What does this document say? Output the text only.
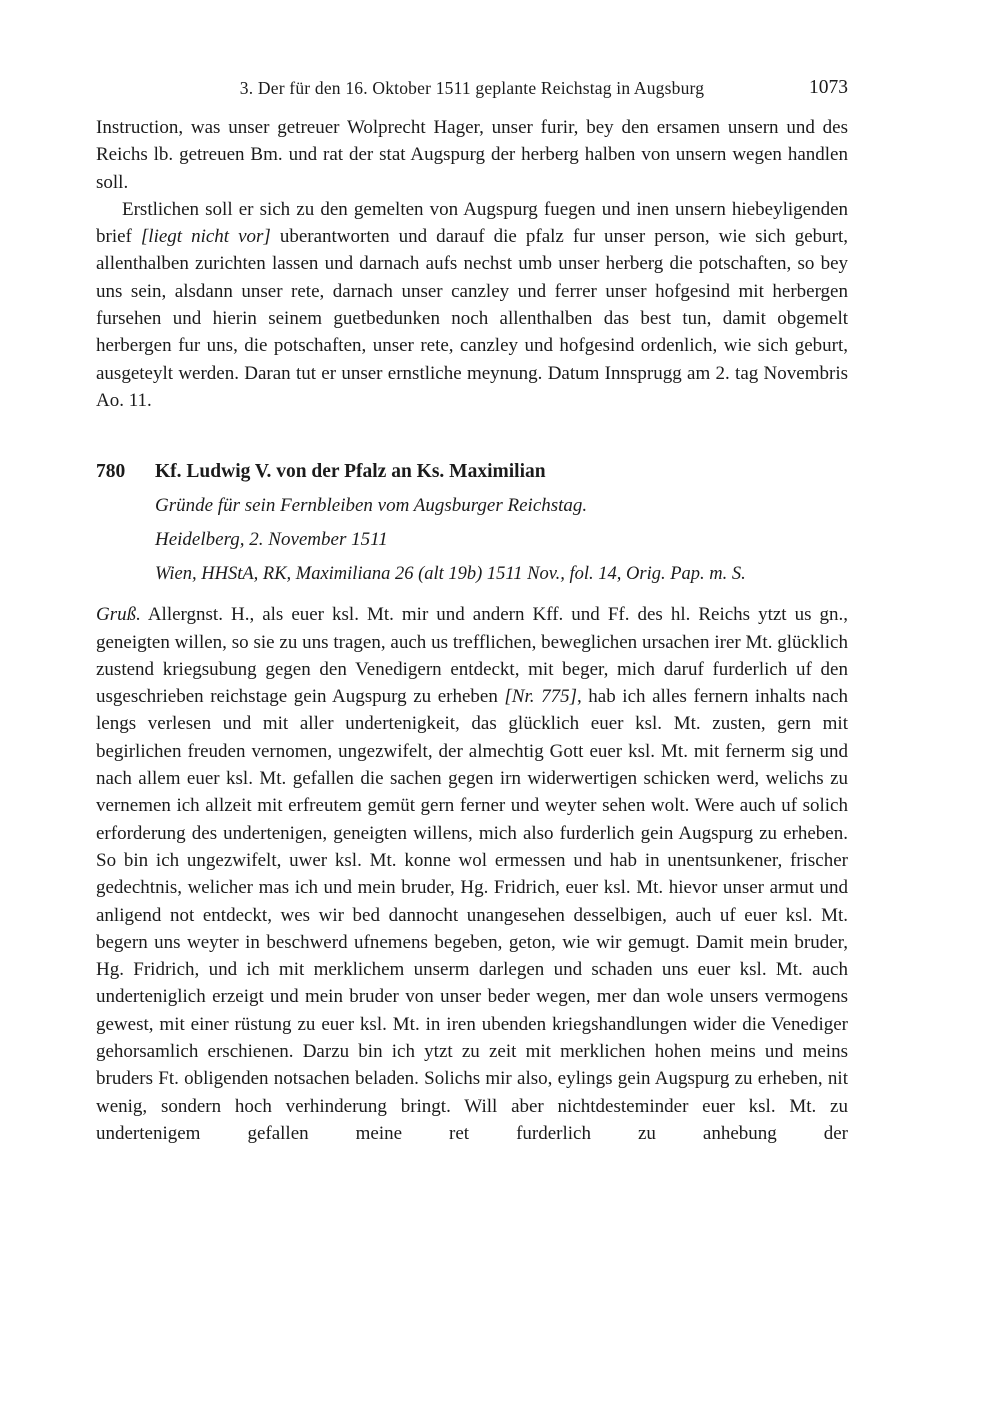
3. Der für den 16. Oktober 1511 geplante Reichstag in Augsburg	1073

Instruction, was unser getreuer Wolprecht Hager, unser furir, bey den ersamen unsern und des Reichs lb. getreuen Bm. und rat der stat Augspurg der herberg halben von unsern wegen handlen soll.

Erstlichen soll er sich zu den gemelten von Augspurg fuegen und inen unsern hiebeyligenden brief [liegt nicht vor] uberantworten und darauf die pfalz fur unser person, wie sich geburt, allenthalben zurichten lassen und darnach aufs nechst umb unser herberg die potschaften, so bey uns sein, alsdann unser rete, darnach unser canzley und ferrer unser hofgesind mit herbergen fursehen und hierin seinem guetbedunken noch allenthalben das best tun, damit obgemelt herbergen fur uns, die potschaften, unser rete, canzley und hofgesind ordenlich, wie sich geburt, ausgeteylt werden. Daran tut er unser ernstliche meynung. Datum Innsprugg am 2. tag Novembris Ao. 11.

780	Kf. Ludwig V. von der Pfalz an Ks. Maximilian

Gründe für sein Fernbleiben vom Augsburger Reichstag.

Heidelberg, 2. November 1511

Wien, HHStA, RK, Maximiliana 26 (alt 19b) 1511 Nov., fol. 14, Orig. Pap. m. S.

Gruß. Allergnst. H., als euer ksl. Mt. mir und andern Kff. und Ff. des hl. Reichs ytzt us gn., geneigten willen, so sie zu uns tragen, auch us trefflichen, beweglichen ursachen irer Mt. glücklich zustend kriegsubung gegen den Venedigern entdeckt, mit beger, mich daruf furderlich uf den usgeschrieben reichstage gein Augspurg zu erheben [Nr. 775], hab ich alles fernern inhalts nach lengs verlesen und mit aller undertenigkeit, das glücklich euer ksl. Mt. zusten, gern mit begirlichen freuden vernomen, ungezwifelt, der almechtig Gott euer ksl. Mt. mit fernerm sig und nach allem euer ksl. Mt. gefallen die sachen gegen irn widerwertigen schicken werd, welichs zu vernemen ich allzeit mit erfreutem gemüt gern ferner und weyter sehen wolt. Were auch uf solich erforderung des undertenigen, geneigten willens, mich also furderlich gein Augspurg zu erheben. So bin ich ungezwifelt, uwer ksl. Mt. konne wol ermessen und hab in unentsunkener, frischer gedechtnis, welicher mas ich und mein bruder, Hg. Fridrich, euer ksl. Mt. hievor unser armut und anligend not entdeckt, wes wir bed dannocht unangesehen desselbigen, auch uf euer ksl. Mt. begern uns weyter in beschwerd ufnemens begeben, geton, wie wir gemugt. Damit mein bruder, Hg. Fridrich, und ich mit merklichem unserm darlegen und schaden uns euer ksl. Mt. auch underteniglich erzeigt und mein bruder von unser beder wegen, mer dan wole unsers vermogens gewest, mit einer rüstung zu euer ksl. Mt. in iren ubenden kriegshandlungen wider die Venediger gehorsamlich erschienen. Darzu bin ich ytzt zu zeit mit merklichen hohen meins und meins bruders Ft. obligenden notsachen beladen. Solichs mir also, eylings gein Augspurg zu erheben, nit wenig, sondern hoch verhinderung bringt. Will aber nichtdesteminder euer ksl. Mt. zu undertenigem gefallen meine ret furderlich zu anhebung der
